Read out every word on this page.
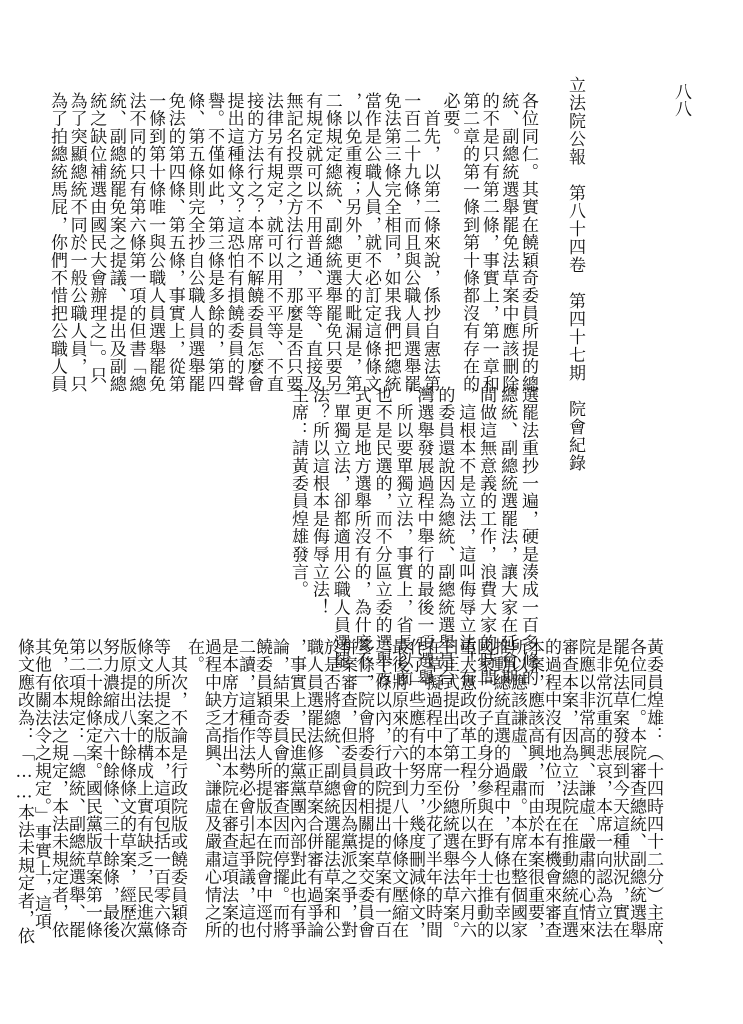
立法院公報　第八十四卷　第四十七期　院會紀錄	八八
各位同仁。其實在饒穎奇委員所提的總
統、副總統選舉罷免法草案中應該刪除
的不是只有第二條，事實上，第一章和
第二章的第一條到第十條都沒有存在的
必要。
　首先，以第二條來說，係抄自憲法第
一百二十九條，而且與公職人員選舉罷
免法第三條完全相同，如果我們把總統
當作是公職人員，就不必訂定這條條文
，以免重複；另外，更大的毗漏是，第
二條規定總統、副總統選舉罷免只要另
有規定就可以不用普通、平等、直接及
無記名投票之方法行之，那麼是否只要
法律另有規定，就可以用不平等、不直
接的方法行之？本席不解饒委員怎麼會
提出這種條文？這恐怕有損饒委員的聲
譽。不僅如此，第三條是多餘的，第四
條、第五條則完全抄自公職人員選舉罷
免法的第四條、第五條，事實上，從第
一條到第十條唯一與公職人員選舉罷免
法不同的只有第六條第一項的但書「總
統、副總統罷免案之提議、提出及副總
統之缺位補選由國民大會辦理之」。只
為了突顯總統不同於一般公職人員，只
為了拍總統馬屁，你們不惜把公職人員
選罷法重抄一遍，硬是湊成一百多條的
總統、副總統選罷法，讓大家在延會期
間做這無意義的工作，浪費大家的時間
，這根本不是立法，這叫侮辱立法！有
的委員還說因為總統、副總統選舉是台
灣選舉發展過程中舉行的最後一項選舉
，所以要單獨立法，事實上，省長以前
也不是民選的，而不分區立委的選舉方
式更是地方選舉所沒有的，為什麼不一
一單獨立法，卻都適用公職人員選罷
法？所以這根本是侮辱立法！
主席：請黃委員煌雄發言。
黃委員煌雄：（十四時四十二分）主席、
各位同仁。本院審查總統、副總統選舉
罷免法草案發展到今天這種狀況，實在
是非常沉重的悲哀，本席一向認為立法
院應以非常高興、謙虛、嚴肅的心情來
審查本案，因為立法院在推動總統直選
的過程中沒有地位，現在有機會來審查
本案，應該高興，而由於本案很重要，
所以應該謙虛、嚴肅。本席在整個國家
推動總統直選的過程中，有條也有幸以
國家一份子的身分參與在野人士推動的
重大憲政改革工程，所以在今年六月六
日正式提出了第一份總統選舉法草案。
在草擬過程中本席至少花了半年的時間
作了一些應有的努力，幾度刪減條文，
最後將原來的六十到八十條條文壓縮在
二十條以內，行政院提出的草案有一百
多條，院會將委員的相關提案交委員會
併案審查，但委員會因為黨派之爭，對
於是否將總統、副總統選罷法草案和公
職人員選罷法修正草案合併審有過爭論
，事實上，民進黨黨團內部對此也有爭
論，結果委員會的審查因而停擺。而將
饒委員穎奇等人所提版本在院會中逕付
二讀，這種作法勢必會引起爭議，這也
是本席方才指出本院在審查這項法案的
過程中缺乏高興、謙虛及嚴肅心情之所
在。
　其次，不論是行政院版或饒委員穎奇
等人所提之版本，這項包括一百零六條
條文的法案的構成上實有缺乏，民進黨
版原提出八十餘條條文的草案，經歷次
努力濃縮成六十餘條、三十餘條，最後
以二十餘條定案。國民黨版草案第一條
第二項規定：「總統、副總統選舉、罷
免，依本法之規定，本法未規定者，依
其他有關法令之規定。」事實上，這項
條文應改為：「……本法未規定者，依
